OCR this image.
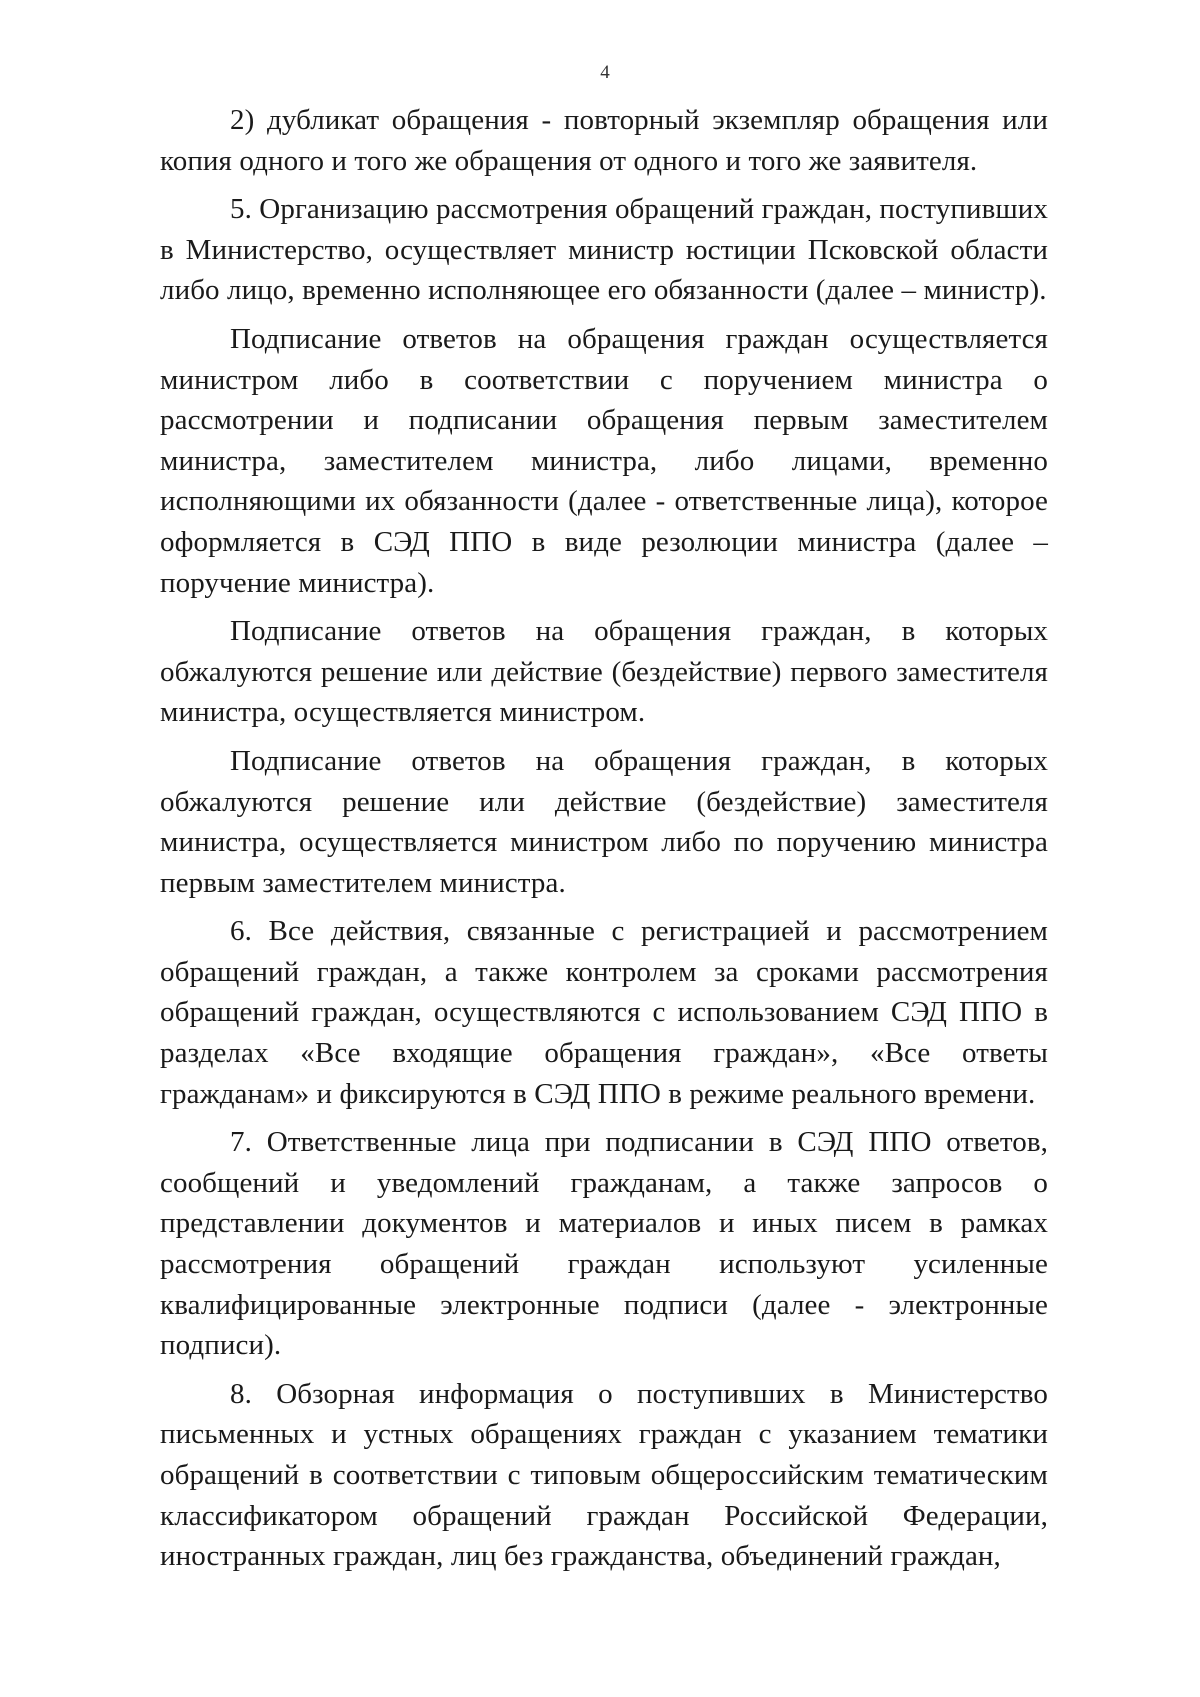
4

2) дубликат обращения - повторный экземпляр обращения или копия одного и того же обращения от одного и того же заявителя.

5. Организацию рассмотрения обращений граждан, поступивших в Министерство, осуществляет министр юстиции Псковской области либо лицо, временно исполняющее его обязанности (далее – министр).

Подписание ответов на обращения граждан осуществляется министром либо в соответствии с поручением министра о рассмотрении и подписании обращения первым заместителем министра, заместителем министра, либо лицами, временно исполняющими их обязанности (далее - ответственные лица), которое оформляется в СЭД ППО в виде резолюции министра (далее – поручение министра).

Подписание ответов на обращения граждан, в которых обжалуются решение или действие (бездействие) первого заместителя министра, осуществляется министром.

Подписание ответов на обращения граждан, в которых обжалуются решение или действие (бездействие) заместителя министра, осуществляется министром либо по поручению министра первым заместителем министра.

6. Все действия, связанные с регистрацией и рассмотрением обращений граждан, а также контролем за сроками рассмотрения обращений граждан, осуществляются с использованием СЭД ППО в разделах «Все входящие обращения граждан», «Все ответы гражданам» и фиксируются в СЭД ППО в режиме реального времени.

7. Ответственные лица при подписании в СЭД ППО ответов, сообщений и уведомлений гражданам, а также запросов о представлении документов и материалов и иных писем в рамках рассмотрения обращений граждан используют усиленные квалифицированные электронные подписи (далее - электронные подписи).

8. Обзорная информация о поступивших в Министерство письменных и устных обращениях граждан с указанием тематики обращений в соответствии с типовым общероссийским тематическим классификатором обращений граждан Российской Федерации, иностранных граждан, лиц без гражданства, объединений граждан,
